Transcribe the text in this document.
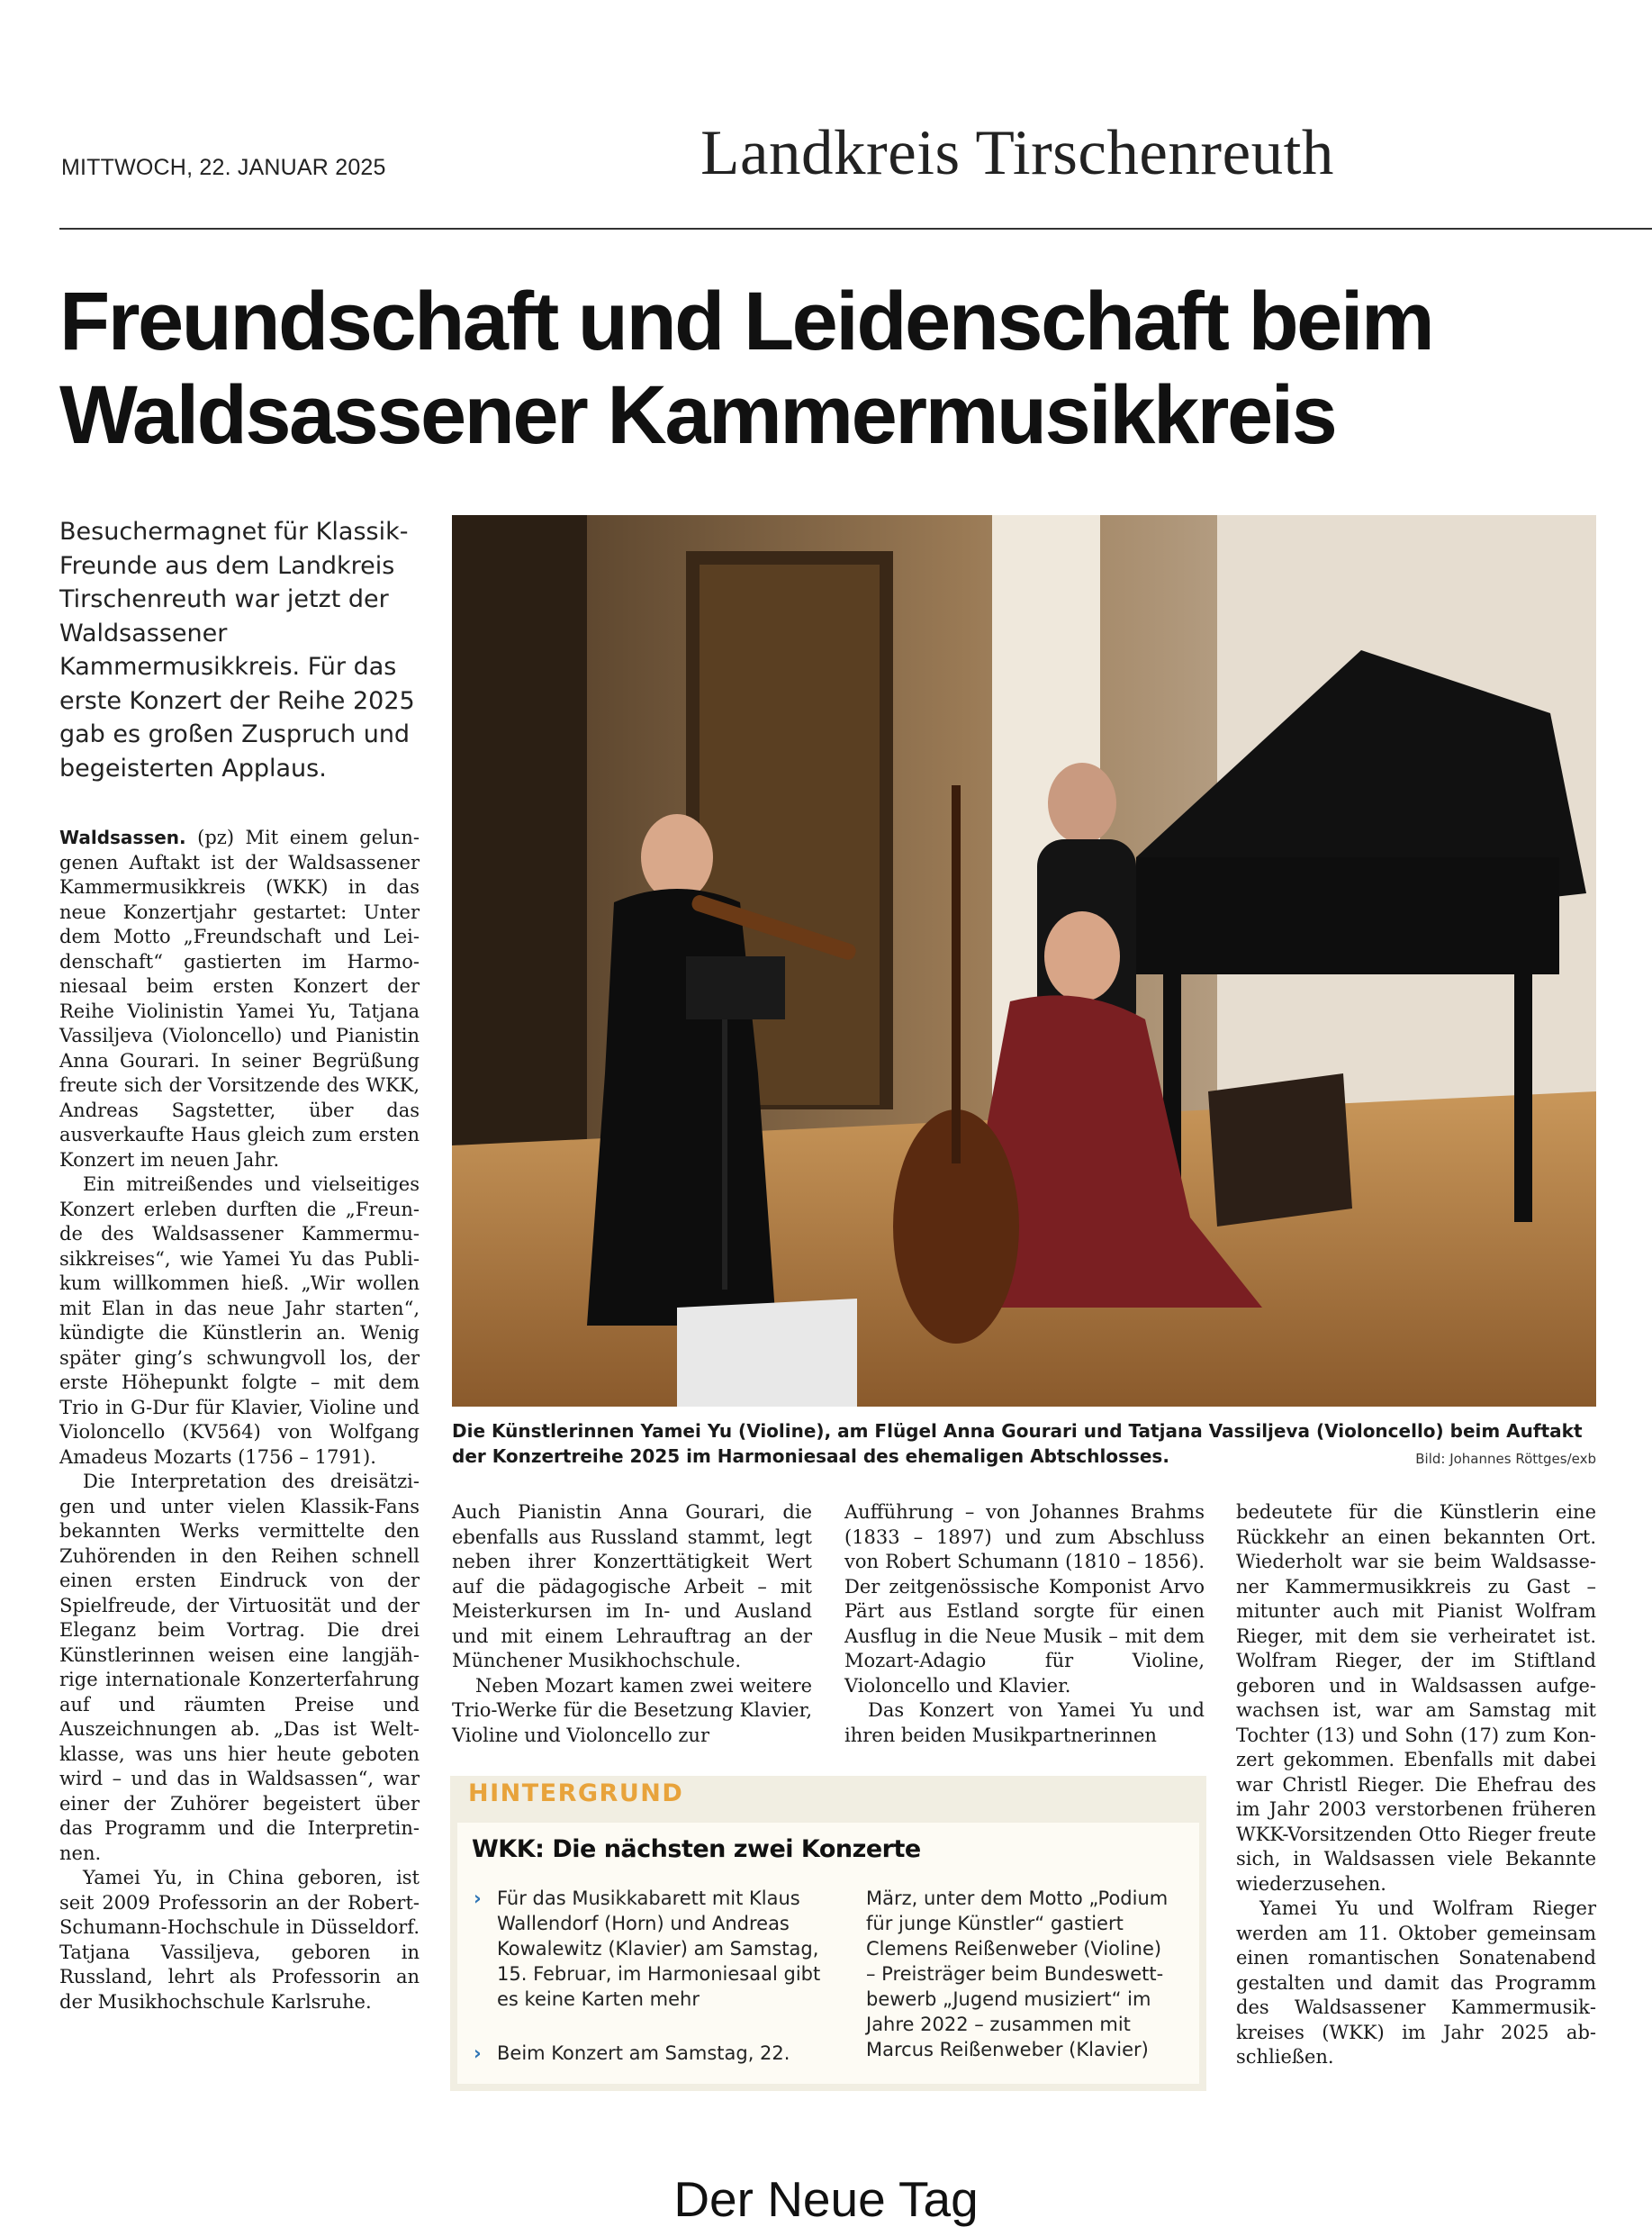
MITTWOCH, 22. JANUAR 2025	Landkreis Tirschenreuth
Freundschaft und Leidenschaft beim
Waldsassener Kammermusikkreis

Besuchermagnet für Klassik-Freunde aus dem Landkreis Tirschenreuth war jetzt der Waldsassener Kammermusikkreis. Für das erste Konzert der Reihe 2025 gab es großen Zuspruch und begeisterten Applaus.

Waldsassen. (pz) Mit einem gelungenen Auftakt ist der Waldsassener Kammermusikkreis (WKK) in das neue Konzertjahr gestartet: Unter dem Motto „Freundschaft und Leidenschaft“ gastierten im Harmoniesaal beim ersten Konzert der Reihe Violinistin Yamei Yu, Tatjana Vassiljeva (Violoncello) und Pianistin Anna Gourari. In seiner Begrüßung freute sich der Vorsitzende des WKK, Andreas Sagstetter, über das ausverkaufte Haus gleich zum ersten Konzert im neuen Jahr.

Ein mitreißendes und vielseitiges Konzert erleben durften die „Freunde des Waldsassener Kammermusikkreises“, wie Yamei Yu das Publikum willkommen hieß. „Wir wollen mit Elan in das neue Jahr starten“, kündigte die Künstlerin an. Wenig später ging’s schwungvoll los, der erste Höhepunkt folgte – mit dem Trio in G-Dur für Klavier, Violine und Violoncello (KV564) von Wolfgang Amadeus Mozarts (1756 – 1791).

Die Interpretation des dreisätzigen und unter vielen Klassik-Fans bekannten Werks vermittelte den Zuhörenden in den Reihen schnell einen ersten Eindruck von der Spielfreude, der Virtuosität und der Eleganz beim Vortrag. Die drei Künstlerinnen weisen eine langjährige internationale Konzerterfahrung auf und räumten Preise und Auszeichnungen ab. „Das ist Weltklasse, was uns hier heute geboten wird – und das in Waldsassen“, war einer der Zuhörer begeistert über das Programm und die Interpretinnen.

Yamei Yu, in China geboren, ist seit 2009 Professorin an der Robert-Schumann-Hochschule in Düsseldorf. Tatjana Vassiljeva, geboren in Russland, lehrt als Professorin an der Musikhochschule Karlsruhe.

Die Künstlerinnen Yamei Yu (Violine), am Flügel Anna Gourari und Tatjana Vassiljeva (Violoncello) beim Auftakt der Konzertreihe 2025 im Harmoniesaal des ehemaligen Abtschlosses.	Bild: Johannes Röttges/exb

Auch Pianistin Anna Gourari, die ebenfalls aus Russland stammt, legt neben ihrer Konzerttätigkeit Wert auf die pädagogische Arbeit – mit Meisterkursen im In- und Ausland und mit einem Lehrauftrag an der Münchener Musikhochschule.

Neben Mozart kamen zwei weitere Trio-Werke für die Besetzung Klavier, Violine und Violoncello zur

Aufführung – von Johannes Brahms (1833 – 1897) und zum Abschluss von Robert Schumann (1810 – 1856). Der zeitgenössische Komponist Arvo Pärt aus Estland sorgte für einen Ausflug in die Neue Musik – mit dem Mozart-Adagio für Violine, Violoncello und Klavier.

Das Konzert von Yamei Yu und ihren beiden Musikpartnerinnen

bedeutete für die Künstlerin eine Rückkehr an einen bekannten Ort. Wiederholt war sie beim Waldsassener Kammermusikkreis zu Gast – mitunter auch mit Pianist Wolfram Rieger, mit dem sie verheiratet ist. Wolfram Rieger, der im Stiftland geboren und in Waldsassen aufgewachsen ist, war am Samstag mit Tochter (13) und Sohn (17) zum Konzert gekommen. Ebenfalls mit dabei war Christl Rieger. Die Ehefrau des im Jahr 2003 verstorbenen früheren WKK-Vorsitzenden Otto Rieger freute sich, in Waldsassen viele Bekannte wiederzusehen.

Yamei Yu und Wolfram Rieger werden am 11. Oktober gemeinsam einen romantischen Sonatenabend gestalten und damit das Programm des Waldsassener Kammermusikkreises (WKK) im Jahr 2025 abschließen.

HINTERGRUND
WKK: Die nächsten zwei Konzerte
› Für das Musikkabarett mit Klaus Wallendorf (Horn) und Andreas Kowalewitz (Klavier) am Samstag, 15. Februar, im Harmoniesaal gibt es keine Karten mehr
› Beim Konzert am Samstag, 22.
März, unter dem Motto „Podium für junge Künstler“ gastiert Clemens Reißenweber (Violine) – Preisträger beim Bundeswettbewerb „Jugend musiziert“ im Jahre 2022 – zusammen mit Marcus Reißenweber (Klavier)
Der Neue Tag
